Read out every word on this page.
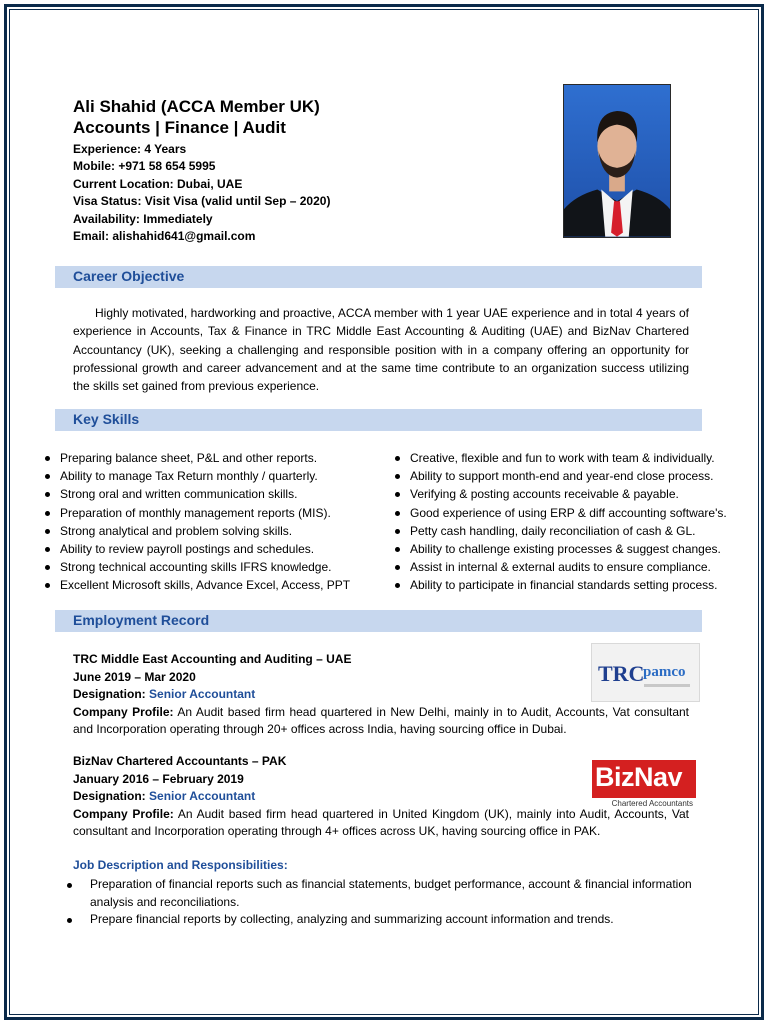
Ali Shahid (ACCA Member UK)
Accounts | Finance | Audit
Experience: 4 Years
Mobile: +971 58 654 5995
Current Location: Dubai, UAE
Visa Status: Visit Visa (valid until Sep – 2020)
Availability: Immediately
Email: alishahid641@gmail.com
Career Objective
Highly motivated, hardworking and proactive, ACCA member with 1 year UAE experience and in total 4 years of experience in Accounts, Tax & Finance in TRC Middle East Accounting & Auditing (UAE) and BizNav Chartered Accountancy (UK), seeking a challenging and responsible position with in a company offering an opportunity for professional growth and career advancement and at the same time contribute to an organization success utilizing the skills set gained from previous experience.
Key Skills
Preparing balance sheet, P&L and other reports.
Ability to manage Tax Return monthly / quarterly.
Strong oral and written communication skills.
Preparation of monthly management reports (MIS).
Strong analytical and problem solving skills.
Ability to review payroll postings and schedules.
Strong technical accounting skills IFRS knowledge.
Excellent Microsoft skills, Advance Excel, Access, PPT
Creative, flexible and fun to work with team & individually.
Ability to support month-end and year-end close process.
Verifying & posting accounts receivable & payable.
Good experience of using ERP & diff accounting software's.
Petty cash handling, daily reconciliation of cash & GL.
Ability to challenge existing processes & suggest changes.
Assist in internal & external audits to ensure compliance.
Ability to participate in financial standards setting process.
Employment Record
TRC Middle East Accounting and Auditing – UAE
June 2019 – Mar 2020
Designation: Senior Accountant
Company Profile: An Audit based firm head quartered in New Delhi, mainly in to Audit, Accounts, Vat consultant and Incorporation operating through 20+ offices across India, having sourcing office in Dubai.
TRC
pamco
BizNav Chartered Accountants – PAK
January 2016 – February 2019
Designation: Senior Accountant
Company Profile: An Audit based firm head quartered in United Kingdom (UK), mainly into Audit, Accounts, Vat consultant and Incorporation operating through 4+ offices across UK, having sourcing office in PAK.
BizNav
Chartered Accountants
Job Description and Responsibilities:
Preparation of financial reports such as financial statements, budget performance, account & financial information analysis and reconciliations.
Prepare financial reports by collecting, analyzing and summarizing account information and trends.
